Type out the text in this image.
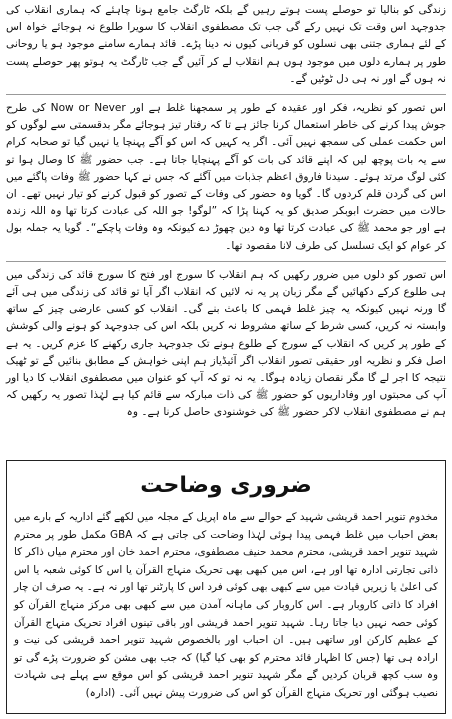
زندگی کو بنالیا تو حوصلے پست ہوتے رہیں گے بلکہ ٹارگٹ جامع ہونا چاہئے کہ ہماری انقلاب کی جدوجہد اس وقت تک نہیں رکے گی جب تک مصطفوی انقلاب کا سویرا طلوع نہ ہوجائے خواہ اس کے لئے ہماری جتنی بھی نسلوں کو قربانی کیوں نہ دینا پڑے۔ قائد ہمارے سامنے موجود ہو یا روحانی طور پر ہمارے دلوں میں موجود ہوں ہم انقلاب لے کر آئیں گے جب ٹارگٹ یہ ہوتو پھر حوصلے پست نہ ہوں گے اور نہ ہی دل ٹوٹیں گے۔

اس تصور کو نظریہ، فکر اور عقیدہ کے طور پر سمجھنا غلط ہے اور Now or Never کی طرح جوش پیدا کرنے کی خاطر استعمال کرنا جائز ہے تا کہ رفتار تیز ہوجائے مگر بدقسمتی سے لوگوں کو اس حکمت عملی کی سمجھ نہیں آئی۔ اگر یہ کہیں کہ اس کو آگے پہنچا یا نہیں گیا تو صحابہ کرام سے یہ بات پوچھ لیں کہ اپنے قائد کی بات کو آگے پہنچایا جاتا ہے۔ جب حضور ﷺ کا وصال ہوا تو کئی لوگ مرتد ہوئے۔ سیدنا فاروق اعظم جذبات میں آگئے کہ جس نے کہا حضور ﷺ وفات پاگئے میں اس کی گردن قلم کردوں گا۔ گویا وہ حضور کی وفات کے تصور کو قبول کرنے کو تیار نہیں تھے۔ ان حالات میں حضرت ابوبکر صدیق کو یہ کہنا پڑا کہ ”لوگو! جو اللہ کی عبادت کرتا تھا وہ اللہ زندہ ہے اور جو محمد ﷺ کی عبادت کرتا تھا وہ دین چھوڑ دے کیونکہ وہ وفات پاچکے“۔ گویا یہ جملہ بول کر عوام کو ایک تسلسل کی طرف لانا مقصود تھا۔

اس تصور کو دلوں میں ضرور رکھیں کہ ہم انقلاب کا سورج اور فتح کا سورج قائد کی زندگی میں ہی طلوع کرکے دکھائیں گے مگر زبان پر یہ نہ لائیں کہ انقلاب اگر آیا تو قائد کی زندگی میں ہی آئے گا ورنہ نہیں کیونکہ یہ چیز غلط فہمی کا باعث بنے گی۔ انقلاب کو کسی عارضی چیز کے ساتھ وابستہ نہ کریں، کسی شرط کے ساتھ مشروط نہ کریں بلکہ اس کی جدوجہد کو ہونے والی کوشش کے طور پر کریں کہ انقلاب کے سورج کے طلوع ہونے تک جدوجہد جاری رکھنے کا عزم کریں۔ یہ ہے اصل فکر و نظریہ اور حقیقی تصور انقلاب اگر آئیڈیاز ہم اپنی خواہش کے مطابق بنائیں گے تو ٹھیک نتیجہ کا اجر لے گا مگر نقصان زیادہ ہوگا۔ یہ نہ تو کہ آپ کو عنوان میں مصطفوی انقلاب کا دیا اور آپ کی محبتوں اور وفاداریوں کو حضور ﷺ کی ذات مبارکہ سے قائم کیا ہے لہٰذا تصور یہ رکھیں کہ ہم نے مصطفوی انقلاب لاکر حضور ﷺ کی خوشنودی حاصل کرنا ہے۔ وہ

ضروری وضاحت

مخدوم تنویر احمد قریشی شہید کے حوالے سے ماہ اپریل کے مجلہ میں لکھے گئے اداریہ کے بارے میں بعض احباب میں غلط فہمی پیدا ہوئی لہٰذا وضاحت کی جاتی ہے کہ GBA مکمل طور پر محترم شہید تنویر احمد قریشی، محترم محمد حنیف مصطفوی، محترم احمد خان اور محترم میاں ذاکر کا ذاتی تجارتی ادارہ تھا اور ہے، اس میں کبھی بھی تحریک منہاج القرآن یا اس کا کوئی شعبہ یا اس کی اعلیٰ یا زیریں قیادت میں سے کبھی بھی کوئی فرد اس کا پارٹنر تھا اور نہ ہے۔ یہ صرف ان چار افراد کا ذاتی کاروبار ہے۔ اس کاروبار کی ماہانہ آمدن میں سے کبھی بھی مرکز منہاج القرآن کو کوئی حصہ نہیں دیا جاتا رہا۔ شہید تنویر احمد قریشی اور باقی تینوں افراد تحریک منہاج القرآن کے عظیم کارکن اور ساتھی ہیں۔ ان احباب اور بالخصوص شہید تنویر احمد قریشی کی نیت و ارادہ ہی تھا (جس کا اظہار قائد محترم کو بھی کیا گیا) کہ جب بھی مشن کو ضرورت پڑے گی تو وہ سب کچھ قربان کردیں گے مگر شہید تنویر احمد قریشی کو اس موقع سے پہلے ہی شہادت نصیب ہوگئی اور تحریک منہاج القرآن کو اس کی ضرورت پیش نہیں آئی۔ (ادارہ)
